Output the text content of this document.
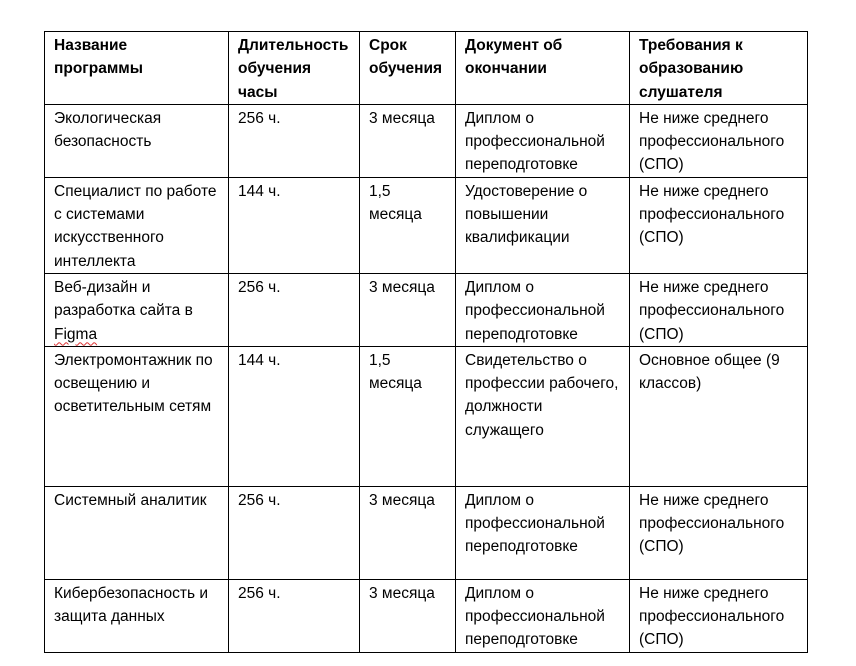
Название программы	Длительность обучения часы	Срок обучения	Документ об окончании	Требования к образованию слушателя
Экологическая безопасность	256 ч.	3 месяца	Диплом о профессиональной переподготовке	Не ниже среднего профессионального (СПО)
Специалист по работе с системами искусственного интеллекта	144 ч.	1,5 месяца	Удостоверение о повышении квалификации	Не ниже среднего профессионального (СПО)
Веб-дизайн и разработка сайта в Figma	256 ч.	3 месяца	Диплом о профессиональной переподготовке	Не ниже среднего профессионального (СПО)
Электромонтажник по освещению и осветительным сетям	144 ч.	1,5 месяца	Свидетельство о профессии рабочего, должности служащего	Основное общее (9 классов)
Системный аналитик	256 ч.	3 месяца	Диплом о профессиональной переподготовке	Не ниже среднего профессионального (СПО)
Кибербезопасность и защита данных	256 ч.	3 месяца	Диплом о профессиональной переподготовке	Не ниже среднего профессионального (СПО)
